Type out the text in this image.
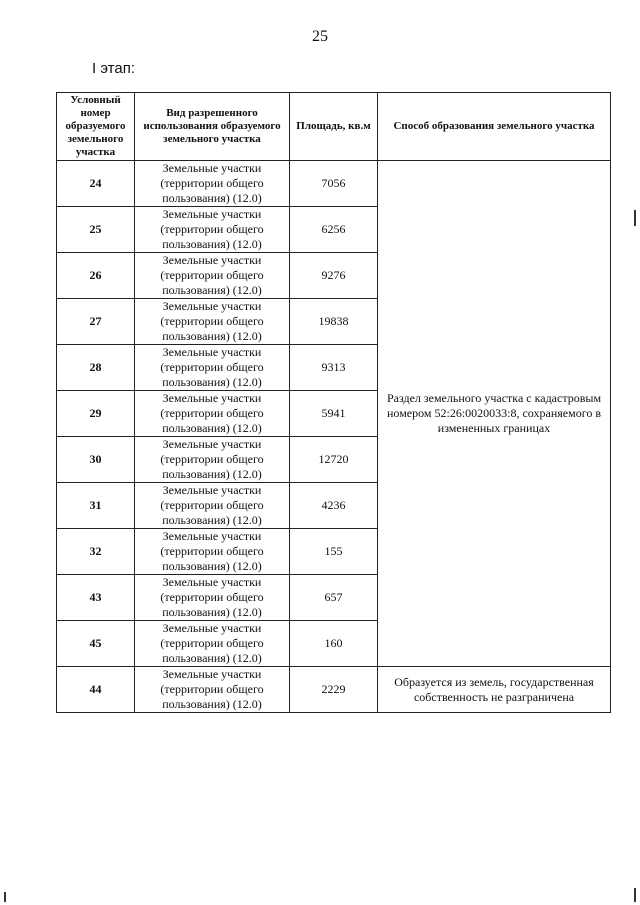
25
I этап:
Условный номер образуемого земельного участка	Вид разрешенного использования образуемого земельного участка	Площадь, кв.м	Способ образования земельного участка
24	Земельные участки (территории общего пользования) (12.0)	7056	Раздел земельного участка с кадастровым номером 52:26:0020033:8, сохраняемого в измененных границах
25	Земельные участки (территории общего пользования) (12.0)	6256	
26	Земельные участки (территории общего пользования) (12.0)	9276	
27	Земельные участки (территории общего пользования) (12.0)	19838	
28	Земельные участки (территории общего пользования) (12.0)	9313	
29	Земельные участки (территории общего пользования) (12.0)	5941	
30	Земельные участки (территории общего пользования) (12.0)	12720	
31	Земельные участки (территории общего пользования) (12.0)	4236	
32	Земельные участки (территории общего пользования) (12.0)	155	
43	Земельные участки (территории общего пользования) (12.0)	657	
45	Земельные участки (территории общего пользования) (12.0)	160	
44	Земельные участки (территории общего пользования) (12.0)	2229	Образуется из земель, государственная собственность не разграничена
